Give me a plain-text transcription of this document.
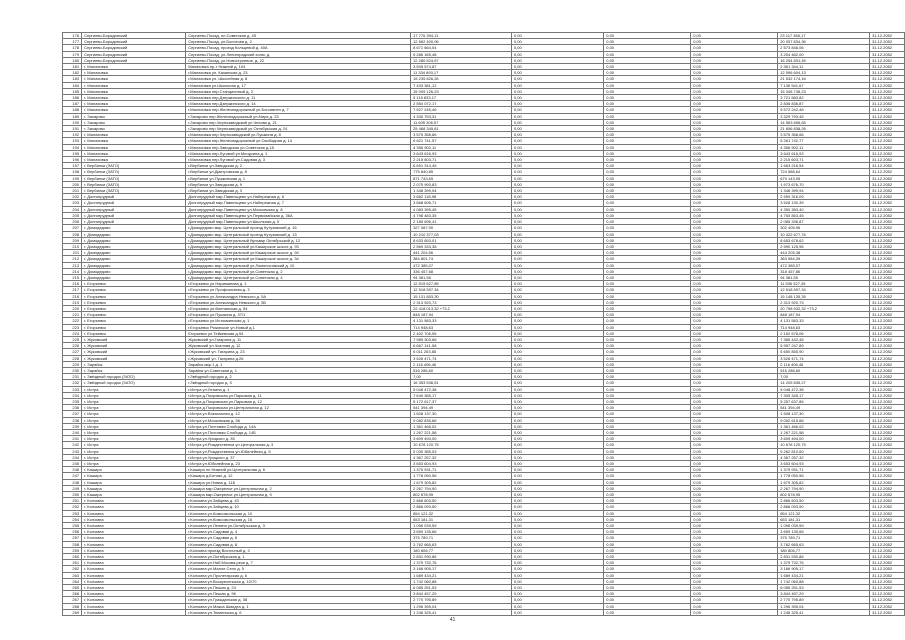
176	Сергиево-Бородинский	Сергиево-Посад, пл.Советская д. 45	17 776 394,11	0,00	0,00	0,00	23 117 366,17	31.12.2052
177	Сергиево-Бородинский	Сергиево-Посад, ул.Болотова д. 2	12 662 400,06	0,00	0,00	0,00	20 057 834,36	31.12.2052
178	Сергиево-Бородинский	Сергиево-Посад, проезд Кольцевой д. 40А	8 671 664,04	0,00	0,00	0,00	2 573 846,06	31.12.2052
179	Сергиево-Бородинский	Сергиево-Посад, ул.Ленинградский холм, д.	5 286 165,48	0,00	0,00	0,00	3 204 462,00	31.12.2052
180	Сергиево-Бородинский	Сергиево-Посад, ул.Новостроевое, д. 22	12 280 524,67	0,00	0,00	0,00	16 254 831,45	31.12.2052
181	г. Малаховка	Малаховка пр-т Нижний д. 104	3 505 574,87	0,00	0,00	0,00	2 361 344,11	31.12.2052
182	г. Малаховка	г.Малаховка ул. Казанская д. 23	11 334 893,17	0,00	0,00	0,00	12 596 604,13	31.12.2052
183	г. Малаховка	г.Малаховка ул. Шоссейная д. 8	15 235 826,26	0,00	0,00	0,00	21 532 174,16	31.12.2052
184	г. Малаховка	г.Малаховка ул.Школьная д. 17	7 433 381,12	0,00	0,00	0,00	7 136 541,67	31.12.2052
185	г. Малаховка	г.Малаховка пер.Станционный д. 2	15 009 126,23	0,00	0,00	0,00	15 348 738,23	31.12.2052
186	г. Малаховка	г.Малаховка пер.Дзержинского д. 11	5 115 833,17	0,00	0,00	0,00	3 721 583,82	31.12.2052
187	г. Малаховка	г.Малаховка пер.Дзержинского д. 14	2 554 072,17	0,00	0,00	0,00	2 836 836,87	31.12.2052
188	г. Малаховка	г.Малаховка пер.Железнодорожный ул.Богоявлен д. 7	7 527 245,46	0,00	0,00	0,00	5 572 242,46	31.12.2052
189	г. Захарово	г.Захарово пер.Железнодорожный ул.Мира д. 23	4 330 753,31	0,00	0,00	0,00	3 329 793,45	31.12.2052
190	г. Захарово	г.Захарово пер.Чернозаводский ул.Чехова д. 21	11 605 306,57	0,00	0,00	0,00	14 563 656,65	31.12.2052
191	г. Захарово	г.Захарово пер.Чернозаводский ул.Октябрьская д. 24	25 468 345,81	0,00	0,00	0,00	21 656 838,26	31.12.2052
192	г. Малаховка	г.Малаховка пер.Чернозаводский ул.Пушкина д. 8	3 575 358,66	0,00	0,00	0,00	3 575 358,66	31.12.2052
193	г. Малаховка	г.Малаховка пер.Железнодорожный ул.Свободная д. 14	6 621 741,57	0,00	0,00	0,00	5 261 742,77	31.12.2052
194	г. Малаховка	г.Малаховка пер.Заводская ул.Советская д.18	4 356 902,11	0,00	0,00	0,00	4 356 902,11	31.12.2052
195	г. Малаховка	г.Малаховка пер.Луговой ул.Мичурина д. 1	3 643 616,93	0,00	0,00	0,00	3 643 616,93	31.12.2052
196	г. Малаховка	г.Малаховка пер.Луговой ул.Садовая д. 3	2 215 603,71	0,00	0,00	0,00	2 215 603,71	31.12.2052
197	г. Вербилки (ЗАТО)	г.Вербилки ул.Заводская д. 2	6 691 314,45	0,00	0,00	0,00	1 663 216,54	31.12.2052
198	г. Вербилки (ЗАТО)	г.Вербилки ул.Дмитровская д. 8	775 840,85	0,00	0,00	0,00	724 588,64	31.12.2052
199	г. Вербилки (ЗАТО)	г.Вербилки ул.Пушкинская д. 1	871 743,65	0,00	0,00	0,00	679 143,95	31.12.2052
200	г. Вербилки (ЗАТО)	г.Вербилки ул.Заводская д. 9	2 075 993,83	0,00	0,00	0,00	1 973 676,70	31.12.2052
201	г. Вербилки (ЗАТО)	г.Вербилки ул.Заводская д. 3	1 348 399,94	0,00	0,00	0,00	1 348 399,94	31.12.2052
202	г. Долгопрудный	Долгопрудный мкр.Павельцево ул.Набережная д. 6	3 682 118,98	0,00	0,00	0,00	2 559 316,09	31.12.2052
203	г. Долгопрудный	Долгопрудный мкр.Павельцево ул.Набережная д. 7	3 668 606,71	0,00	0,00	0,00	3 528 130,39	31.12.2052
204	г. Долгопрудный	Долгопрудный мкр.Павельцево ул.Московская д. 8	4 083 395,45	0,00	0,00	0,00	4 350 383,40	31.12.2052
205	г. Долгопрудный	Долгопрудный мкр.Павельцево ул.Первомайская д. 36А	4 798 483,35	0,00	0,00	0,00	4 753 853,45	31.12.2052
206	г. Долгопрудный	Долгопрудный мкр.Павельцево ул.Школьная д. 5	2 185 696,41	0,00	0,00	0,00	2 085 336,87	31.12.2052
207	г. Домодедово	г.Домодедово мкр. Центральный проезд Кутузовский д. 15	327 087,90	0,00	0,00	0,00	302 405,96	31.12.2052
208	г. Домодедово	г.Домодедово мкр. Центральный проезд Кутузовский д. 13	10 210 377,03	0,00	0,00	0,00	10 322 677,76	31.12.2052
209	г. Домодедово	г.Домодедово мкр. Центральный бульвар Октябрьский д. 12	8 633 653,01	0,00	0,00	0,00	8 653 678,62	31.12.2052
210	г. Домодедово	г.Домодедово мкр. Центральный ул.Каширское шоссе д. 93	2 569 333,38	0,00	0,00	0,00	2 590 125,96	31.12.2052
211	г. Домодедово	г.Домодедово мкр. Центральный ул.Каширское шоссе д. 94	441 204,56	0,00	0,00	0,00	444 205,38	31.12.2052
212	г. Домодедово	г.Домодедово мкр. Центральный ул.Каширское шоссе д. 34	384 801,74	0,00	0,00	0,00	363 584,39	31.12.2052
213	г. Домодедово	г.Домодедово мкр. Центральный ул.Ломоносовский д. 10	472 385,07	0,00	0,00	0,00	472 385,07	31.12.2052
214	г. Домодедово	г.Домодедово мкр. Центральный ул.Советская д. 2	336 457,68	0,00	0,00	0,00	318 457,86	31.12.2052
215	г. Домодедово	г.Домодедово мкр. Центральный ул.Советская д. 4	94 381,55	0,00	0,00	0,00	94 381,55	31.12.2052
216	г. Егорьевск	г.Егорьевск ул.Нариманова д. 1	12 515 627,85	0,00	0,00	0,00	11 536 527,35	31.12.2052
217	г. Егорьевск	г.Егорьевск ул.Профсоюзная д. 3	12 518 597,34	0,00	0,00	0,00	12 518 597,34	31.12.2052
218	г. Егорьевск	г.Егорьевск ул.Александра Невского д. 5А	15 131 853,30	0,00	0,00	0,00	15 148 135,35	31.12.2052
219	г. Егорьевск	г.Егорьевск ул.Александра Невского д. 5Б	2 313 920,73	0,00	0,00	0,00	2 313 920,73	31.12.2052
220	г. Егорьевск	г.Егорьевск ул.Военинская д. 54	22 418 013,32 +73,2	0,00	0,00	0,00	20 758 932,32 +73,2	31.12.2052
221	г. Егорьевск	г.Егорьевск ул.Пушкина д. 37/1	848 187,94	0,00	0,00	0,00	848 187,94	31.12.2052
222	г. Егорьевск	г.Егорьевск ул.Истомкинская д. 1	4 131 583,33	0,00	0,00	0,00	4 131 583,33	31.12.2052
223	г. Егорьевск	г.Егорьевск Рязанское ул.Новый д.1	714 948,63	0,00	0,00	0,00	714 948,63	31.12.2052
224	г. Егорьевск	Егорьевск ул.Тейкевская д.54	2 402 706,55	0,00	0,00	0,00	2 152 578,06	31.12.2052
225	г. Жуковский	Жуковский ул.Гагарина д. 11	7 985 303,68	0,00	0,00	0,00	7 385 442,48	31.12.2052
226	г. Жуковский	Жуковский ул.Чкалова д. 12	6 667 141,58	0,00	0,00	0,00	5 957 247,89	31.12.2052
227	г. Жуковский	г.Жуковский ул. Гагарина д. 23	6 011 263,85	0,00	0,00	0,00	5 650 855,90	31.12.2052
228	г. Жуковский	г.Жуковский ул. Гагарина д.26	3 526 471,74	0,00	0,00	0,00	3 526 471,74	31.12.2052
229	г. Зарайск	Зарайск мкр.1 д. 1	2 116 406,46	0,00	0,00	0,00	2 116 406,46	31.12.2052
230	г. Зарайск	Зарайск ул.Советская д. 1	516 286,60	0,00	0,00	0,00	516 286,60	31.12.2052
231	г. Звёздный городок (ЗАТО)	г.Звёздный городок д. 2	7,00	0,00	0,00	0,00	7,00	31.12.2052
232	г. Звёздный городок (ЗАТО)	г.Звёздный городок д. 3	16 353 536,51	0,00	0,00	0,00	14 205 835,27	31.12.2052
233	г. Истра	г.Истра ул.Ленина д. 1	5 048 472,38	0,00	0,00	0,00	5 048 472,38	31.12.2052
234	г. Истра	г.Истра д.Покровская ул.Парковая д. 11	7 649 365,17	0,00	0,00	0,00	7 305 345,17	31.12.2052
235	г. Истра	г.Истра д.Покровская ул.Парковая д. 12	5 172 617,37	0,00	0,00	0,00	5 257 637,86	31.12.2052
236	г. Истра	г.Истра д.Покровская ул.Центральная д. 12	541 394,49	0,00	0,00	0,00	541 394,49	31.12.2052
237	г. Истра	г.Истра ул.Вокзальная д. 12	1 608 137,30	0,00	0,00	0,00	1 608 137,30	31.12.2052
238	г. Истра	г.Истра ул.Московская д. 56	9 082 835,66	0,00	0,00	0,00	9 052 615,66	31.12.2052
239	г. Истра	г.Истра ул.Почтовая Слобода д. 14А	1 361 466,02	0,00	0,00	0,00	1 361 466,02	31.12.2052
240	г. Истра	г.Истра ул.Почтовая Слобода д. 14Б	1 267 221,58	0,00	0,00	0,00	1 267 221,58	31.12.2052
241	г. Истра	г.Истра ул.Урицкого д. 35	3 609 494,00	0,00	0,00	0,00	3 609 494,00	31.12.2052
242	г. Истра	г.Истра ул.Рождественка ул.Центральная д. 3	10 678 120,75	0,00	0,00	0,00	10 678 120,75	31.12.2052
243	г. Истра	г.Истра ул.Рождественка ул.Юбилейная д. 5	5 030 385,03	0,00	0,00	0,00	5 262 810,60	31.12.2052
244	г. Истра	г.Истра ул.Урицкого д. 37	4 367 257,32	0,00	0,00	0,00	4 367 257,32	31.12.2052
245	г. Истра	г.Истра ул.Юбилейная д. 23	3 653 604,93	0,00	0,00	0,00	3 653 604,93	31.12.2052
246	г. Кашира	г.Кашира пл.Нижний ул.Центральная д. 6	1 375 931,71	0,00	0,00	0,00	1 375 931,71	31.12.2052
247	г. Кашира	г.Кашира д.Ботово д. 12	1 778 050,56	0,00	0,00	0,00	1 778 050,56	31.12.2052
248	г. Кашира	г.Кашира ул.Новая д. 11Б	1 679 305,82	0,00	0,00	0,00	1 679 305,82	31.12.2052
249	г. Кашира	г.Кашира мкр.Ожерелье ул.Центральная д. 2	2 267 794,90	0,00	0,00	0,00	2 267 794,90	31.12.2052
250	г. Кашира	г.Кашира мкр.Ожерелье ул.Центральная д. 9	802 878,95	0,00	0,00	0,00	802 878,95	31.12.2052
251	г. Коломна	г.Коломна ул.Зайцева д. 43	2 866 603,50	0,00	0,00	0,00	2 866 603,50	31.12.2052
252	г. Коломна	г.Коломна ул.Зайцева д. 10	2 866 093,50	0,00	0,00	0,00	2 866 093,50	31.12.2052
253	г. Коломна	г.Коломна ул.Комсомольская д. 10	854 121,32	0,00	0,00	0,00	854 121,32	31.12.2052
254	г. Коломна	г.Коломна ул.Комсомольская д. 16	653 181,31	0,00	0,00	0,00	653 181,31	31.12.2052
255	г. Коломна	г.Коломна ул.Ленина ул.Октябрьская д. 3	1 096 039,59	0,00	0,00	0,00	1 096 039,59	31.12.2052
256	г. Коломна	г.Коломна ул.Садовая д. 4	3 659 135,66	0,00	0,00	0,00	3 659 135,66	31.12.2052
257	г. Коломна	г.Коломна ул.Садовая д. 6	375 789,71	0,00	0,00	0,00	375 789,71	31.12.2052
258	г. Коломна	г.Коломна ул.Садовая д. 8	3 762 665,63	0,00	0,00	0,00	3 762 665,63	31.12.2052
259	г. Коломна	г.Коломна проезд Восточный д. 3	180 806,77	0,00	0,00	0,00	180 806,77	31.12.2052
260	г. Коломна	г.Коломна ул.Октябрьская д. 1	2 831 930,86	0,00	0,00	0,00	2 831 930,86	31.12.2052
261	г. Коломна	г.Коломна ул.Наб.Москва-реки д. 7	1 379 732,76	0,00	0,00	0,00	1 379 732,76	31.12.2052
262	г. Коломна	г.Коломна ул.Малое Сено д. 5	3 166 905,17	0,00	0,00	0,00	3 166 905,17	31.12.2052
263	г. Коломна	г.Коломна ул.Пролетарская д. 6	1 689 434,21	0,00	0,00	0,00	1 689 434,21	31.12.2052
264	г. Коломна	г.Коломна ул.Воскресенская д. 10/70	1 742 060,88	0,00	0,00	0,00	1 742 060,88	31.12.2052
265	г. Коломна	г.Коломна ул.Пешая д. 24	6 085 251,53	0,00	0,00	0,00	6 085 251,53	31.12.2052
266	г. Коломна	г.Коломна ул.Пешая д. 96	3 844 457,29	0,00	0,00	0,00	3 844 457,29	31.12.2052
267	г. Коломна	г.Коломна ул.Гражданская д. 38	2 770 795,89	0,00	0,00	0,00	2 770 795,89	31.12.2052
268	г. Коломна	г.Коломна ул.Макса Шмидта д. 1	1 296 395,04	0,00	0,00	0,00	1 296 395,04	31.12.2052
269	г. Коломна	г.Коломна ул.Тюменская д. 6	1 246 325,41	0,00	0,00	0,00	1 246 325,41	31.12.2052
41
